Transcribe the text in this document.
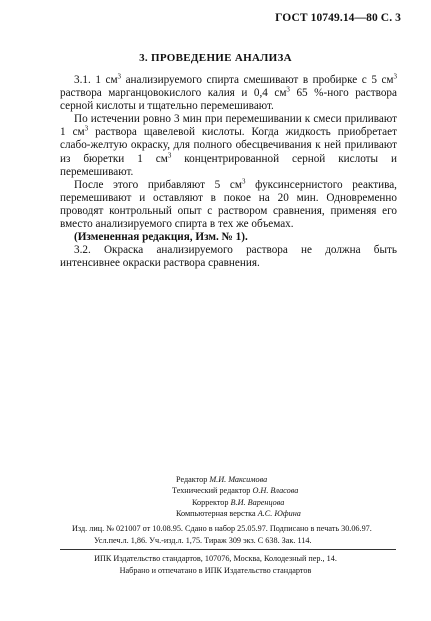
ГОСТ 10749.14—80 С. 3
3. ПРОВЕДЕНИЕ АНАЛИЗА

3.1. 1 $см^3$ анализируемого спирта смешивают в пробирке с 5 $см^3$ раствора марганцовокислого калия и 0,4 $см^3$ 65 %-ного раствора серной кислоты и тщательно перемешивают.

По истечении ровно 3 мин при перемешивании к смеси приливают 1 $см^3$ раствора щавелевой кислоты. Когда жидкость приобретает слабо-желтую окраску, для полного обесцвечивания к ней приливают из бюретки 1 $см^3$ концентрированной серной кислоты и перемешивают.

После этого прибавляют 5 $см^3$ фуксинсернистого реактива, перемешивают и оставляют в покое на 20 мин. Одновременно проводят контрольный опыт с раствором сравнения, применяя его вместо анализируемого спирта в тех же объемах.

(Измененная редакция, Изм. № 1).

3.2. Окраска анализируемого раствора не должна быть интенсивнее окраски раствора сравнения.

Редактор М.И. Максимова
Технический редактор О.Н. Власова
Корректор В.И. Варенцова
Компьютерная верстка А.С. Юфина
Изд. лиц. № 021007 от 10.08.95. Сдано в набор 25.05.97. Подписано в печать 30.06.97.
Усл.печ.л. 1,86. Уч.-изд.л. 1,75. Тираж 309 экз. С 638. Зак. 114.
ИПК Издательство стандартов, 107076, Москва, Колодезный пер., 14.
Набрано и отпечатано в ИПК Издательство стандартов
